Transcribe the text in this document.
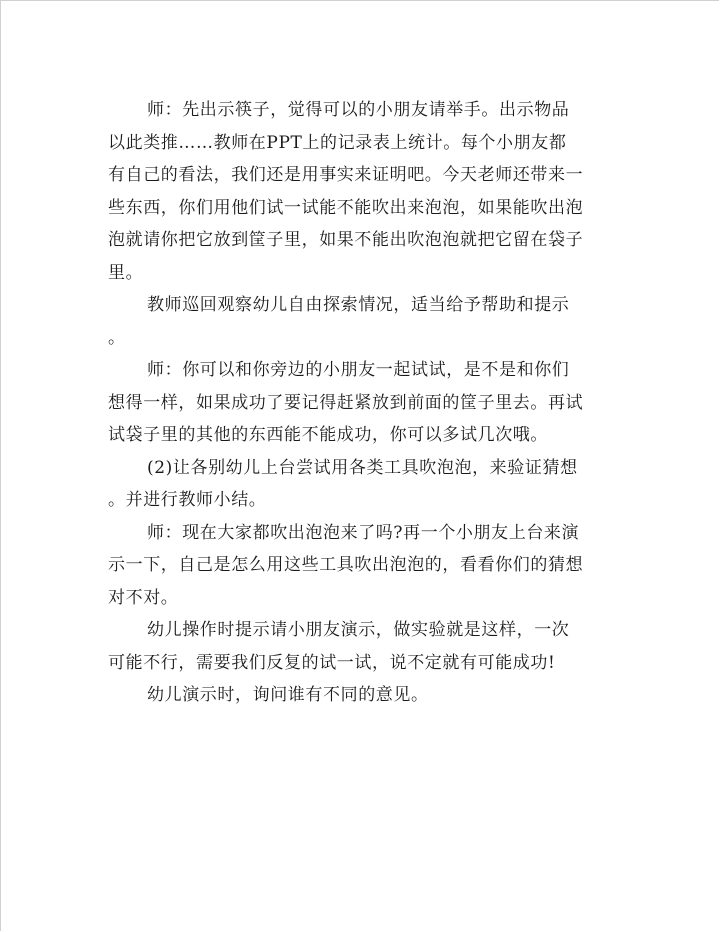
师：先出示筷子，觉得可以的小朋友请举手。出示物品
以此类推……教师在PPT上的记录表上统计。每个小朋友都
有自己的看法，我们还是用事实来证明吧。今天老师还带来一
些东西，你们用他们试一试能不能吹出来泡泡，如果能吹出泡
泡就请你把它放到筐子里，如果不能出吹泡泡就把它留在袋子
里。
教师巡回观察幼儿自由探索情况，适当给予帮助和提示
。
师：你可以和你旁边的小朋友一起试试，是不是和你们
想得一样，如果成功了要记得赶紧放到前面的筐子里去。再试
试袋子里的其他的东西能不能成功，你可以多试几次哦。
(2)让各别幼儿上台尝试用各类工具吹泡泡，来验证猜想
。并进行教师小结。
师：现在大家都吹出泡泡来了吗?再一个小朋友上台来演
示一下，自己是怎么用这些工具吹出泡泡的，看看你们的猜想
对不对。
幼儿操作时提示请小朋友演示，做实验就是这样，一次
可能不行，需要我们反复的试一试，说不定就有可能成功!
幼儿演示时，询问谁有不同的意见。
